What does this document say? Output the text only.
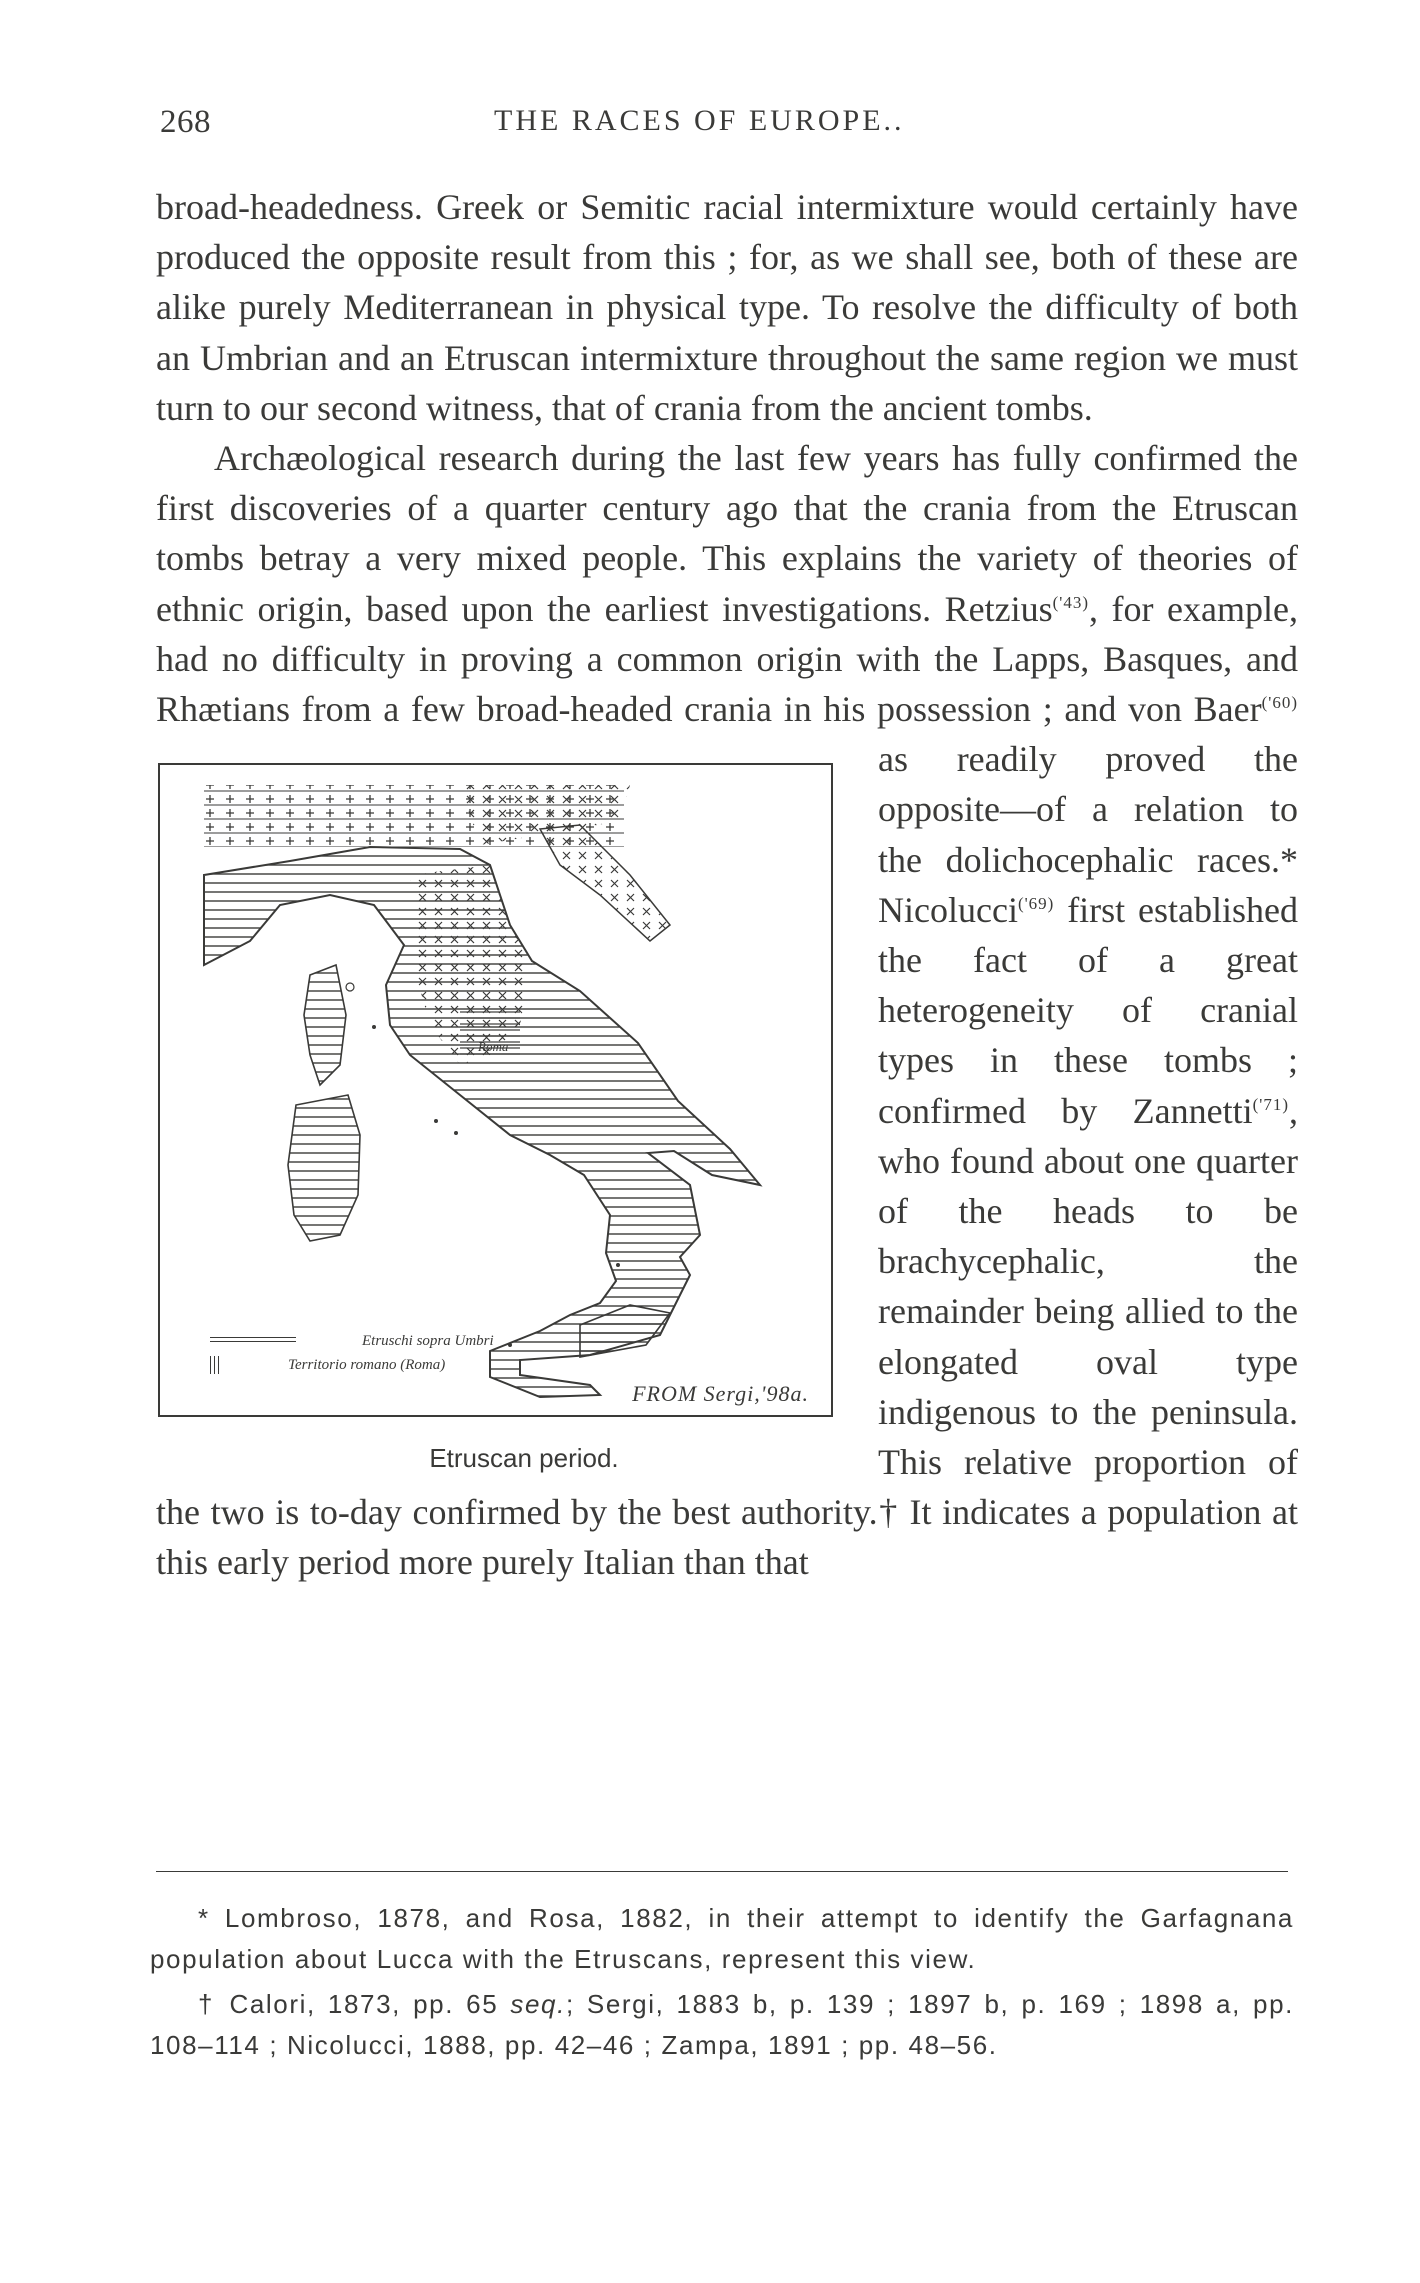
268	THE RACES OF EUROPE..

broad-headedness. Greek or Semitic racial intermixture would certainly have produced the opposite result from this ; for, as we shall see, both of these are alike purely Mediterranean in physical type. To resolve the difficulty of both an Umbrian and an Etruscan intermixture throughout the same region we must turn to our second witness, that of crania from the ancient tombs.

Archæological research during the last few years has fully confirmed the first discoveries of a quarter century ago that the crania from the Etruscan tombs betray a very mixed people. This explains the variety of theories of ethnic origin, based upon the earliest investigations. Retzius$^{('43)}$, for example, had no difficulty in proving a common origin with the Lapps, Basques, and Rhætians from a few broad-headed crania in his possession ; and von Baer
Roma
Etruschi sopra Umbri
Territorio romano (Roma)
FROM Sergi,'98a.
Etruscan period.
$^{('60)}$ as readily proved the opposite—of a relation to the dolichocephalic races.* Nicolucci$^{('69)}$ first established the fact of a great heterogeneity of cranial types in these tombs ; confirmed by Zannetti$^{('71)}$, who found about one quarter of the heads to be brachycephalic, the remainder being allied to the elongated oval type indigenous to the peninsula. This relative proportion of the two is to-day confirmed by the best authority.† It indicates a population at this early period more purely Italian than that

* Lombroso, 1878, and Rosa, 1882, in their attempt to identify the Garfagnana population about Lucca with the Etruscans, represent this view.

† Calori, 1873, pp. 65 seq.; Sergi, 1883 b, p. 139 ; 1897 b, p. 169 ; 1898 a, pp. 108–114 ; Nicolucci, 1888, pp. 42–46 ; Zampa, 1891 ; pp. 48–56.
